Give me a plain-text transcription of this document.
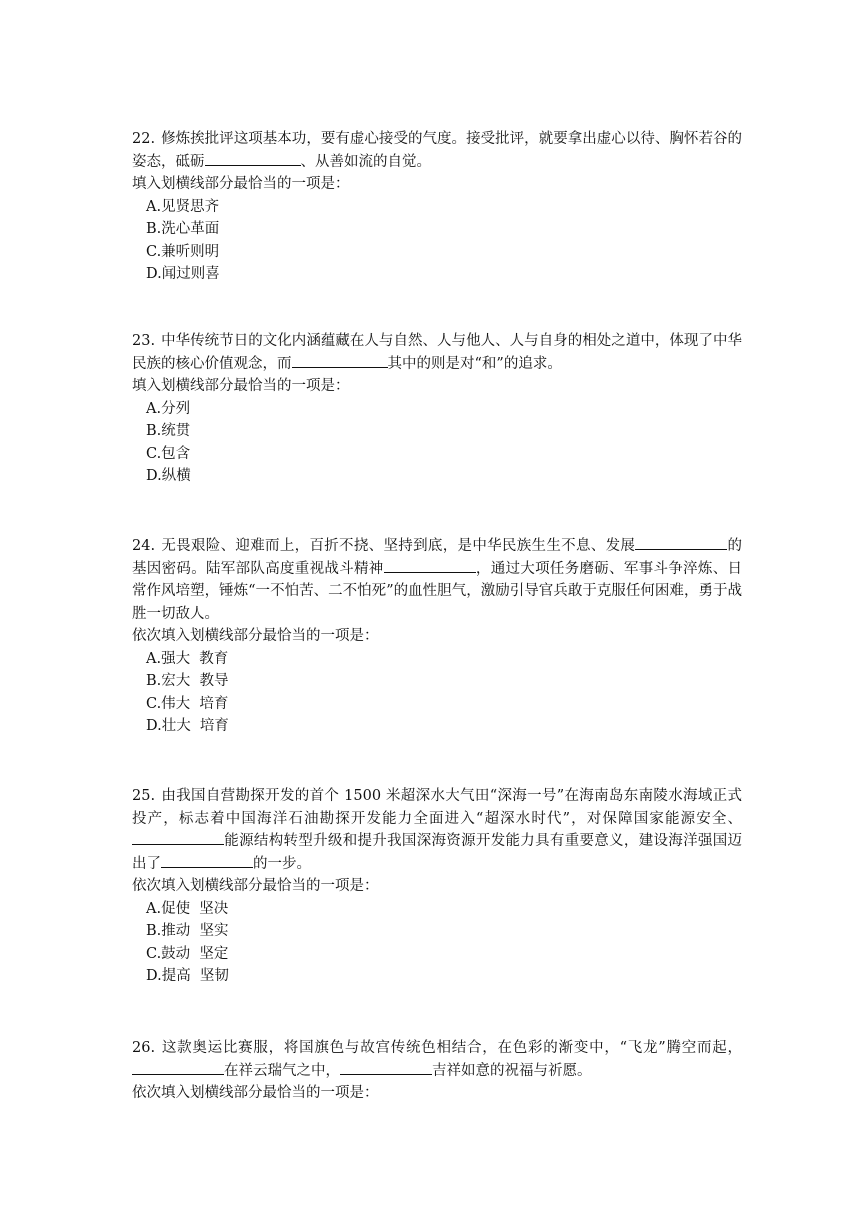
22. 修炼挨批评这项基本功，要有虚心接受的气度。接受批评，就要拿出虚心以待、胸怀若谷的姿态，砥砺	、从善如流的自觉。
填入划横线部分最恰当的一项是：
A.见贤思齐
B.洗心革面
C.兼听则明
D.闻过则喜
23. 中华传统节日的文化内涵蕴藏在人与自然、人与他人、人与自身的相处之道中，体现了中华民族的核心价值观念，而	其中的则是对“和”的追求。
填入划横线部分最恰当的一项是：
A.分列
B.统贯
C.包含
D.纵横
24. 无畏艰险、迎难而上，百折不挠、坚持到底，是中华民族生生不息、发展	的基因密码。陆军部队高度重视战斗精神	，通过大项任务磨砺、军事斗争淬炼、日常作风培塑，锤炼“一不怕苦、二不怕死”的血性胆气，激励引导官兵敢于克服任何困难，勇于战胜一切敌人。
依次填入划横线部分最恰当的一项是：
A.强大  教育
B.宏大  教导
C.伟大  培育
D.壮大  培育
25. 由我国自营勘探开发的首个 1500 米超深水大气田“深海一号”在海南岛东南陵水海域正式投产，标志着中国海洋石油勘探开发能力全面进入“超深水时代”，对保障国家能源安全、能源结构转型升级和提升我国深海资源开发能力具有重要意义，建设海洋强国迈出了	的一步。
依次填入划横线部分最恰当的一项是：
A.促使  坚决
B.推动  坚实
C.鼓动  坚定
D.提高  坚韧
26. 这款奥运比赛服，将国旗色与故宫传统色相结合，在色彩的渐变中，“飞龙”腾空而起，在祥云瑞气之中，	吉祥如意的祝福与祈愿。
依次填入划横线部分最恰当的一项是：
